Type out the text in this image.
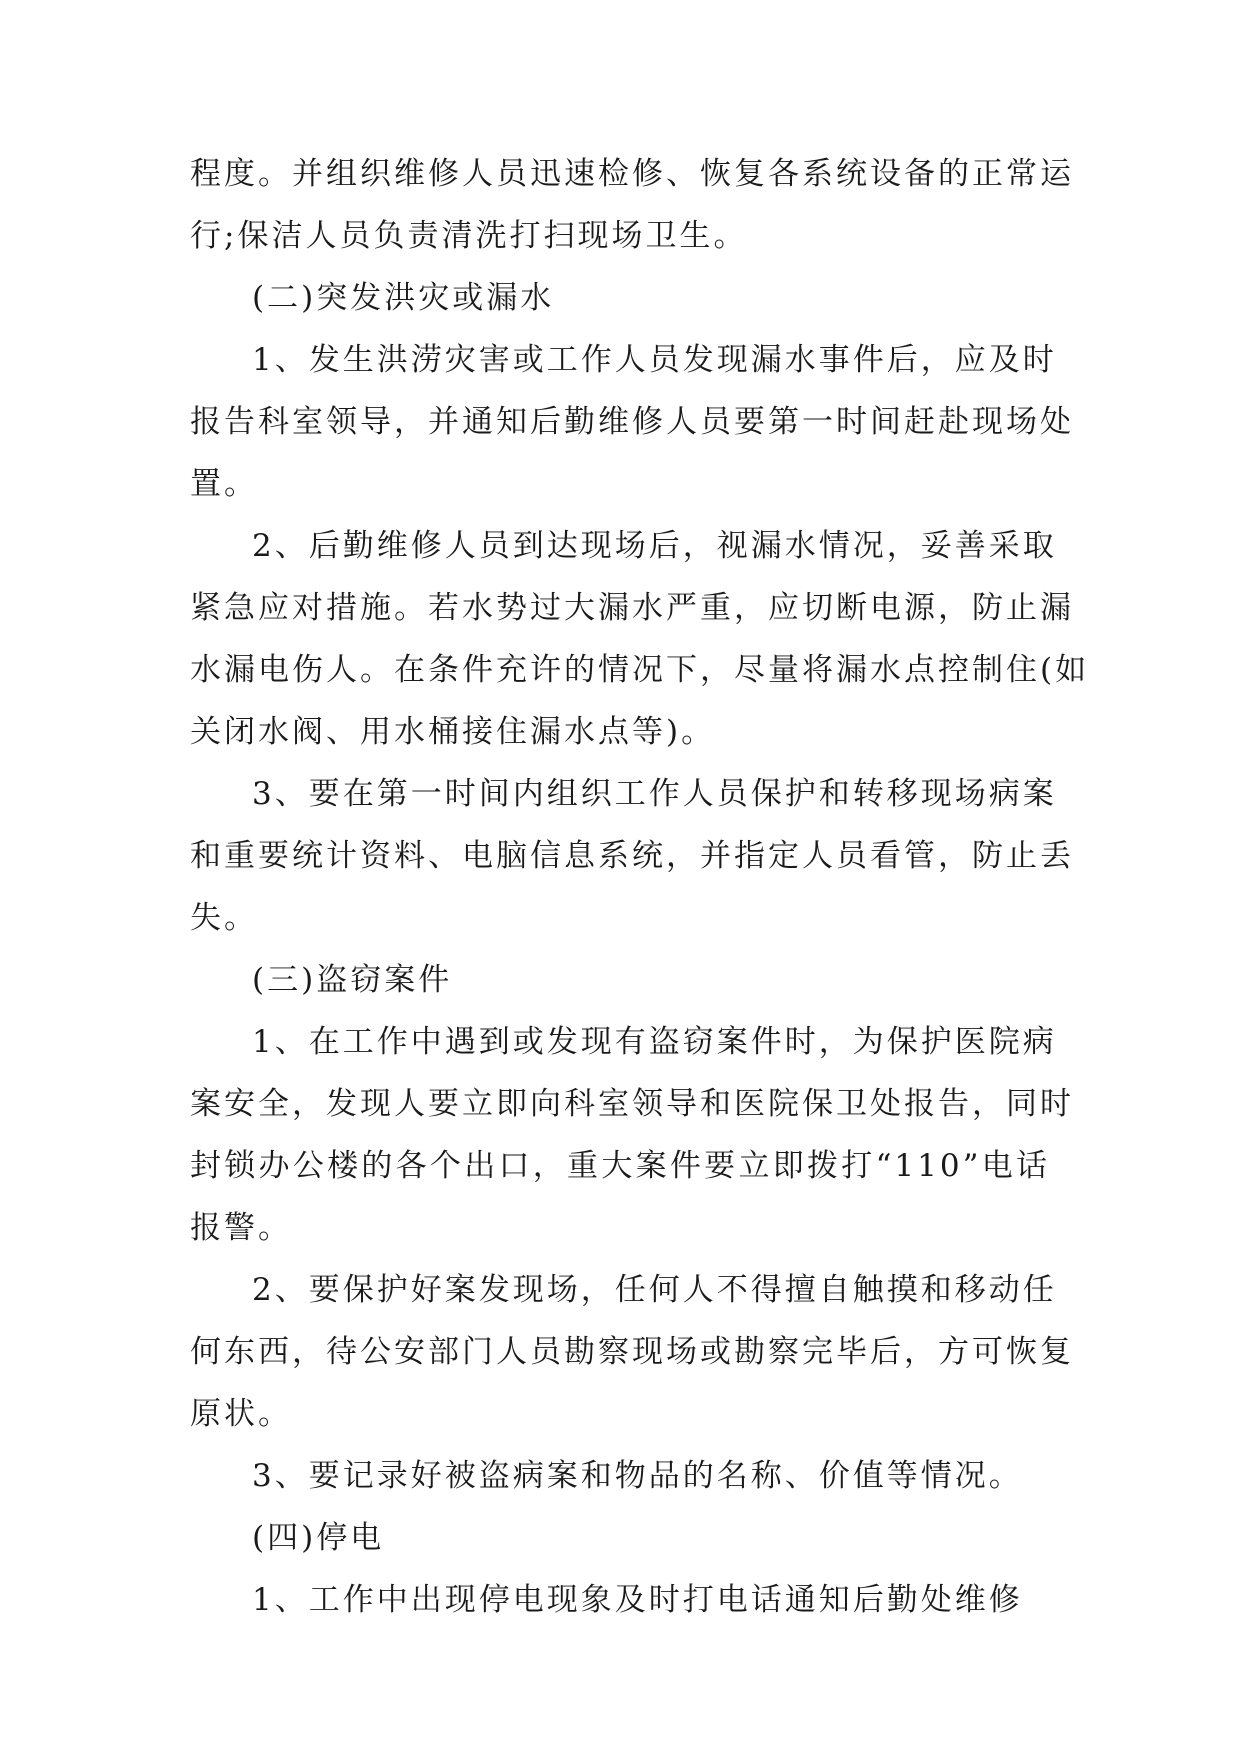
程度。并组织维修人员迅速检修、恢复各系统设备的正常运
行;保洁人员负责清洗打扫现场卫生。
(二)突发洪灾或漏水
1、发生洪涝灾害或工作人员发现漏水事件后，应及时
报告科室领导，并通知后勤维修人员要第一时间赶赴现场处
置。
2、后勤维修人员到达现场后，视漏水情况，妥善采取
紧急应对措施。若水势过大漏水严重，应切断电源，防止漏
水漏电伤人。在条件充许的情况下，尽量将漏水点控制住(如
关闭水阀、用水桶接住漏水点等)。
3、要在第一时间内组织工作人员保护和转移现场病案
和重要统计资料、电脑信息系统，并指定人员看管，防止丢
失。
(三)盗窃案件
1、在工作中遇到或发现有盗窃案件时，为保护医院病
案安全，发现人要立即向科室领导和医院保卫处报告，同时
封锁办公楼的各个出口，重大案件要立即拨打“110”电话
报警。
2、要保护好案发现场，任何人不得擅自触摸和移动任
何东西，待公安部门人员勘察现场或勘察完毕后，方可恢复
原状。
3、要记录好被盗病案和物品的名称、价值等情况。
(四)停电
1、工作中出现停电现象及时打电话通知后勤处维修
